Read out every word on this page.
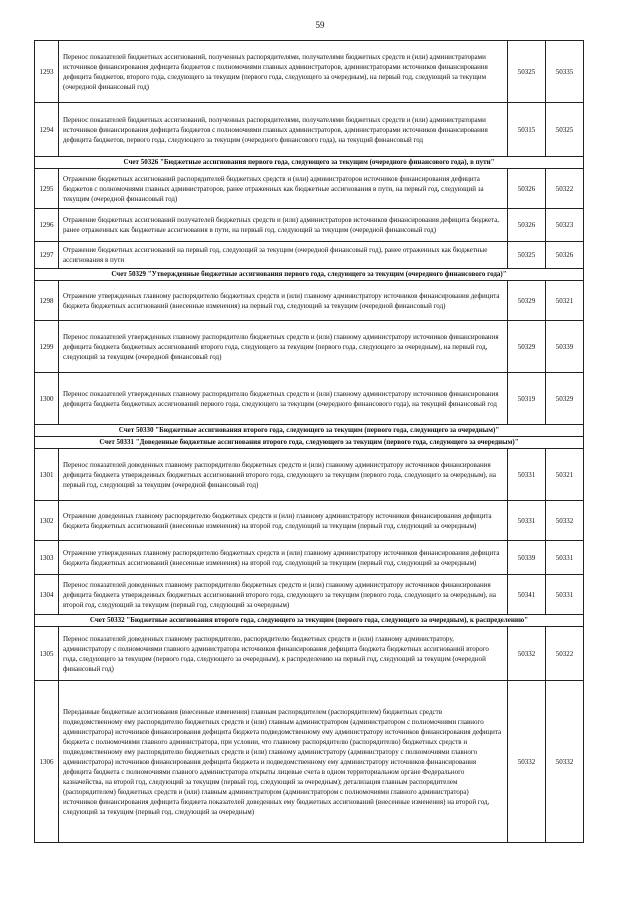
59
1293	Перенос показателей бюджетных ассигнований, полученных распорядителями, получателями бюджетных средств и (или) администраторами источников финансирования дефицита бюджетов с полномочиями главных администраторов, администраторами источников финансирования дефицита бюджетов, второго года, следующего за текущим (первого года, следующего за очередным), на первый год, следующий за текущим (очередной финансовый год)	50325	50335
1294	Перенос показателей бюджетных ассигнований, полученных распорядителями, получателями бюджетных средств и (или) администраторами источников финансирования дефицита бюджетов с полномочиями главных администраторов, администраторами источников финансирования дефицита бюджетов, первого года, следующего за текущим (очередного финансового года), на текущий финансовый год	50315	50325
Счет 50326 "Бюджетные ассигнования первого года, следующего за текущим (очередного финансового года), в пути"			
1295	Отражение бюджетных ассигнований распорядителей бюджетных средств и (или) администраторов источников финансирования дефицита бюджетов с полномочиями главных администраторов, ранее отраженных как бюджетные ассигнования в пути, на первый год, следующий за текущим (очередной финансовый год)	50326	50322
1296	Отражение бюджетных ассигнований получателей бюджетных средств и (или) администраторов источников финансирования дефицита бюджета, ранее отраженных как бюджетные ассигнования в пути, на первый год, следующий за текущим (очередной финансовый год)	50326	50323
1297	Отражение бюджетных ассигнований на первый год, следующий за текущим (очередной финансовый год), ранее отраженных как бюджетные ассигнования в пути	50325	50326
Счет 50329 "Утвержденные бюджетные ассигнования первого года, следующего за текущим (очередного финансового года)"			
1298	Отражение утвержденных главному распорядителю бюджетных средств и (или) главному администратору источников финансирования дефицита бюджета бюджетных ассигнований (внесенные изменения) на первый год, следующий за текущим (очередной финансовый год)	50329	50321
1299	Перенос показателей утвержденных главному распорядителю бюджетных средств и (или) главному администратору источников финансирования дефицита бюджета бюджетных ассигнований второго года, следующего за текущим (первого года, следующего за очередным), на первый год, следующий за текущим (очередной финансовый год)	50329	50339
1300	Перенос показателей утвержденных главному распорядителю бюджетных средств и (или) главному администратору источников финансирования дефицита бюджета бюджетных ассигнований первого года, следующего за текущим (очередного финансового года), на текущий финансовый год	50319	50329
Счет 50330 "Бюджетные ассигнования второго года, следующего за текущим (первого года, следующего за очередным)"			
Счет 50331 "Доведенные бюджетные ассигнования второго года, следующего за текущим (первого года, следующего за очередным)"			
1301	Перенос показателей доведенных главному распорядителю бюджетных средств и (или) главному администратору источников финансирования дефицита бюджета утвержденных бюджетных ассигнований второго года, следующего за текущим (первого года, следующего за очередным), на первый год, следующий за текущим (очередной финансовый год)	50331	50321
1302	Отражение доведенных главному распорядителю бюджетных средств и (или) главному администратору источников финансирования дефицита бюджета бюджетных ассигнований (внесенные изменения) на второй год, следующий за текущим (первый год, следующий за очередным)	50331	50332
1303	Отражение утвержденных главному распорядителю бюджетных средств и (или) главному администратору источников финансирования дефицита бюджета бюджетных ассигнований (внесенные изменения) на второй год, следующий за текущим (первый год, следующий за очередным)	50339	50331
1304	Перенос показателей доведенных главному распорядителю бюджетных средств и (или) главному администратору источников финансирования дефицита бюджета утвержденных бюджетных ассигнований второго года, следующего за текущим (первого года, следующего за очередным), на второй год, следующий за текущим (первый год, следующий за очередным)	50341	50331
Счет 50332 "Бюджетные ассигнования второго года, следующего за текущим (первого года, следующего за очередным), к распределению"			
1305	Перенос показателей доведенных главному распорядителю, распорядителю бюджетных средств и (или) главному администратору, администратору с полномочиями главного администратора источников финансирования дефицита бюджета бюджетных ассигнований второго года, следующего за текущим (первого года, следующего за очередным), к распределению на первый год, следующий за текущим (очередной финансовый год)	50332	50322
1306	Переданные бюджетные ассигнования (внесенные изменения) главным распорядителем (распорядителем) бюджетных средств подведомственному ему распорядителю бюджетных средств и (или) главным администратором (администратором с полномочиями главного администратора) источников финансирования дефицита бюджета подведомственному ему администратору источников финансирования дефицита бюджета с полномочиями главного администратора, при условии, что главному распорядителю (распорядителю) бюджетных средств и подведомственному ему распорядителю бюджетных средств и (или) главному администратору (администратору с полномочиями главного администратора) источников финансирования дефицита бюджета и подведомственному ему администратору источников финансирования дефицита бюджета с полномочиями главного администратора открыты лицевые счета в одном территориальном органе Федерального казначейства, на второй год, следующий за текущим (первый год, следующий за очередным); детализация главным распорядителем (распорядителем) бюджетных средств и (или) главным администратором (администратором с полномочиями главного администратора) источников финансирования дефицита бюджета показателей доведенных ему бюджетных ассигнований (внесенные изменения) на второй год, следующий за текущим (первый год, следующий за очередным)	50332	50332
